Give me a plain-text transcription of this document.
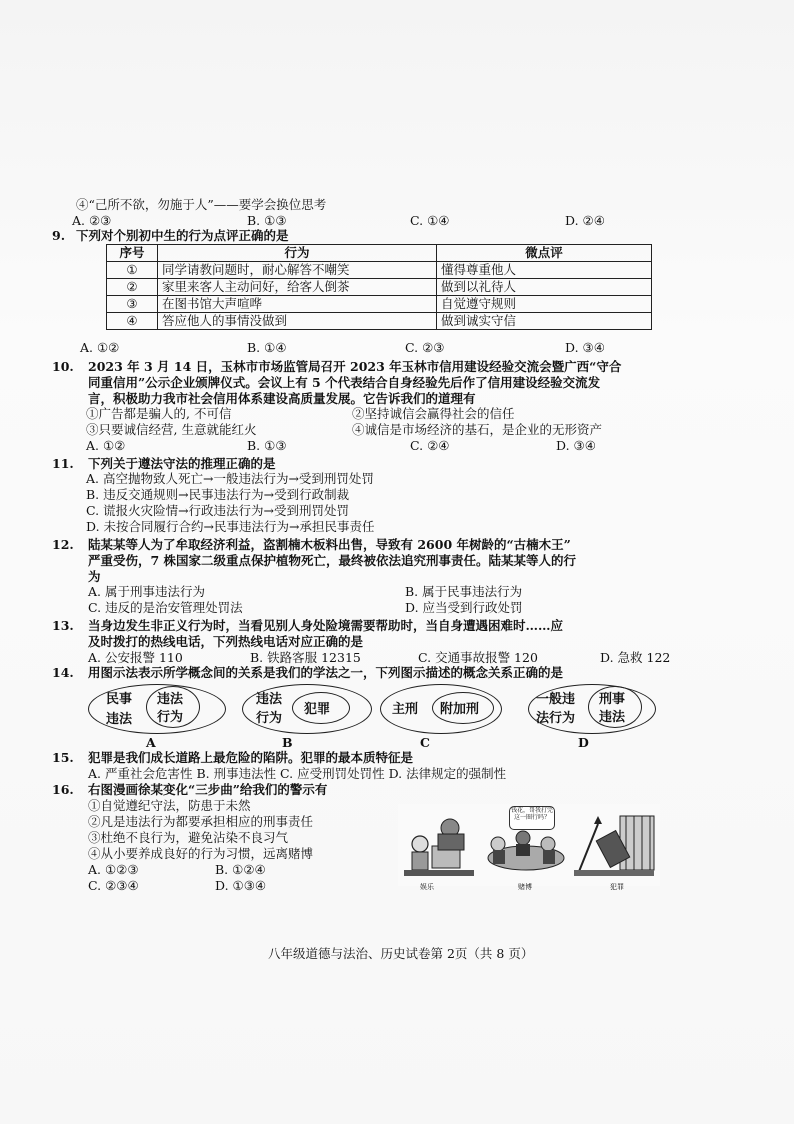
④“己所不欲，勿施于人”——要学会换位思考
A. ②③	B. ①③	C. ①④	D. ②④
9. 下列对个别初中生的行为点评正确的是
序号	行为	微点评
①	同学请教问题时，耐心解答不嘲笑	懂得尊重他人
②	家里来客人主动问好，给客人倒茶	做到以礼待人
③	在图书馆大声喧哗	自觉遵守规则
④	答应他人的事情没做到	做到诚实守信
A. ①②	B. ①④	C. ②③	D. ③④
10. 2023 年 3 月 14 日，玉林市市场监管局召开 2023 年玉林市信用建设经验交流会暨广西“守合
同重信用”公示企业颁牌仪式。会议上有 5 个代表结合自身经验先后作了信用建设经验交流发
言，积极助力我市社会信用体系建设高质量发展。它告诉我们的道理有
①广告都是骗人的, 不可信	②坚持诚信会赢得社会的信任
③只要诚信经营, 生意就能红火	④诚信是市场经济的基石，是企业的无形资产
A. ①②	B. ①③	C. ②④	D. ③④
11. 下列关于遵法守法的推理正确的是
A. 高空抛物致人死亡→一般违法行为→受到刑罚处罚
B. 违反交通规则→民事违法行为→受到行政制裁
C. 谎报火灾险情→行政违法行为→受到刑罚处罚
D. 未按合同履行合约→民事违法行为→承担民事责任
12. 陆某某等人为了牟取经济利益，盗割楠木板料出售，导致有 2600 年树龄的“古楠木王”
严重受伤，7 株国家二级重点保护植物死亡，最终被依法追究刑事责任。陆某某等人的行
为
A. 属于刑事违法行为	B. 属于民事违法行为
C. 违反的是治安管理处罚法	D. 应当受到行政处罚
13. 当身边发生非正义行为时，当看见别人身处险境需要帮助时，当自身遭遇困难时……应
及时拨打的热线电话，下列热线电话对应正确的是
A. 公安报警 110	B. 铁路客服 12315	C. 交通事故报警 120	D. 急救 122
14. 用图示法表示所学概念间的关系是我们的学法之一，下列图示描述的概念关系正确的是
民事
违法
违法
行为
A
违法
行为
犯罪
B
主刑 附加刑
C
一般违
法行为
刑事
违法
D
15. 犯罪是我们成长道路上最危险的陷阱。犯罪的最本质特征是
A. 严重社会危害性 B. 刑事违法性 C. 应受刑罚处罚性 D. 法律规定的强制性
16. 右图漫画徐某变化“三步曲”给我们的警示有
①自觉遵纪守法，防患于未然
②凡是违法行为都要承担相应的刑事责任
③杜绝不良行为，避免沾染不良习气
④从小要养成良好的行为习惯，远离赌博
A. ①②③	B. ①②④
C. ②③④	D. ①③④
钱花，哥我打完这一圈行吗？
娱乐	赌博	犯罪
八年级道德与法治、历史试卷第 2页（共 8 页）
